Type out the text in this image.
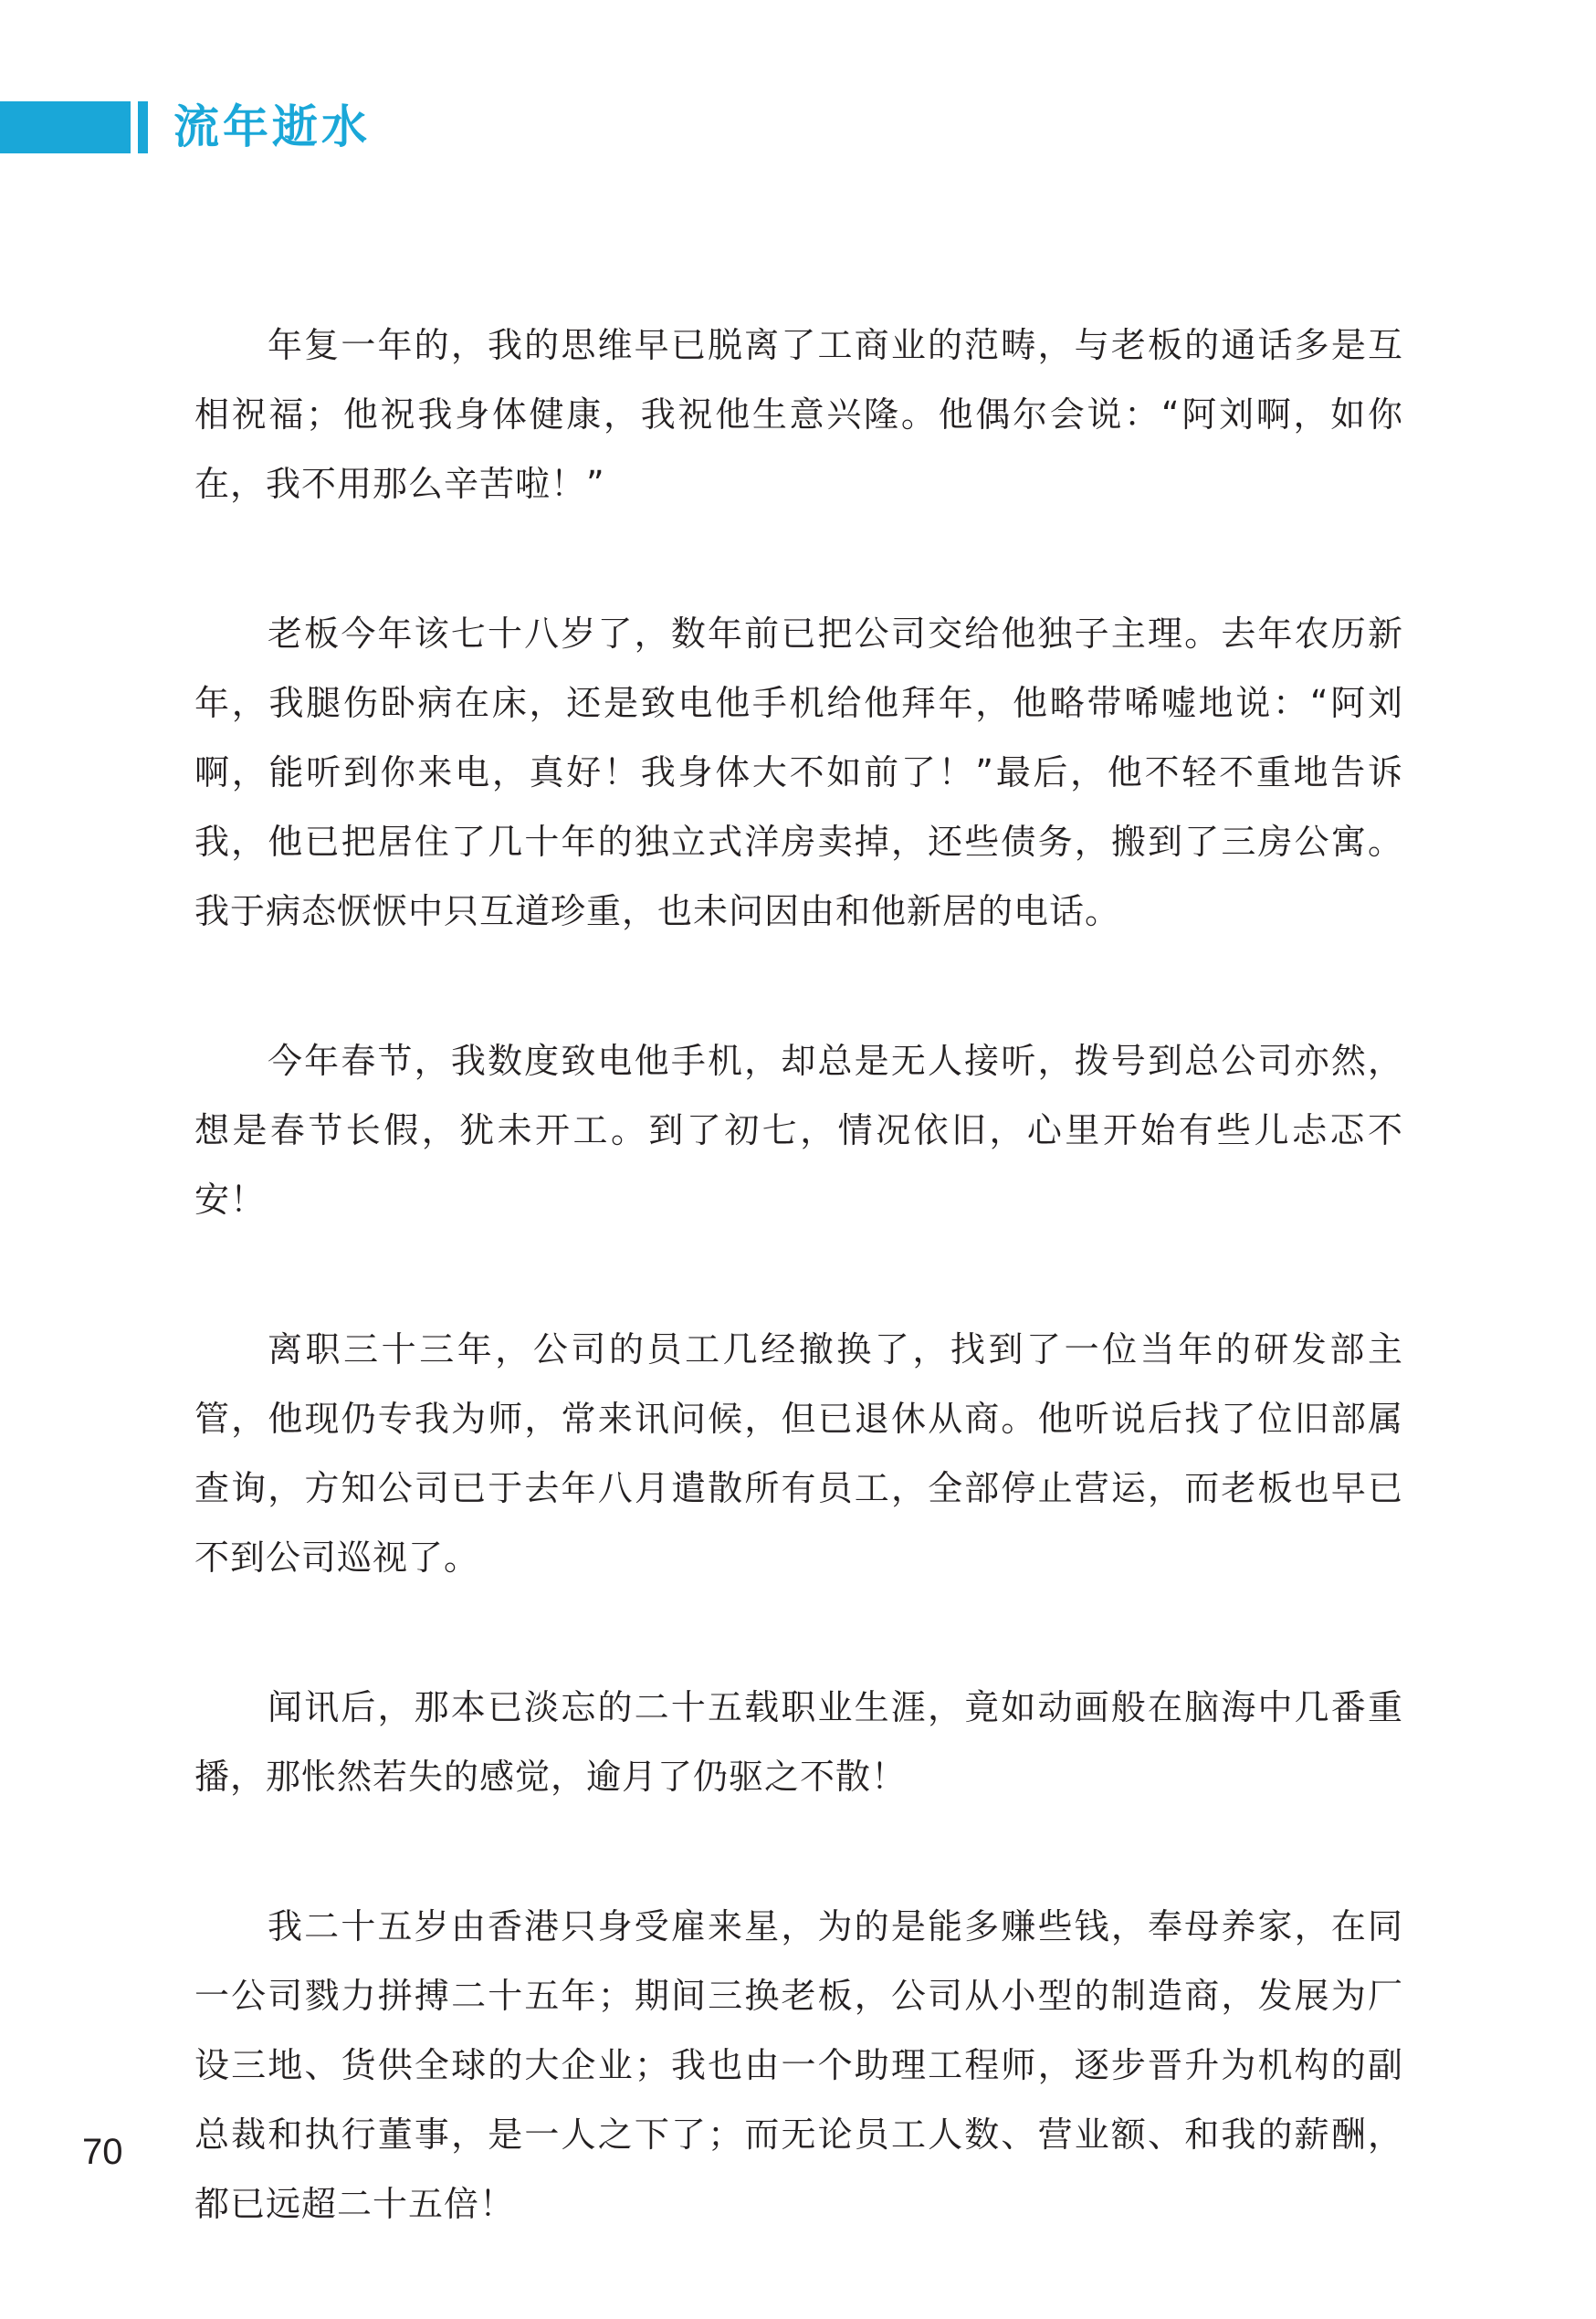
流年逝水

年复一年的，我的思维早已脱离了工商业的范畴，与老板的通话多是互相祝福；他祝我身体健康，我祝他生意兴隆。他偶尔会说：“阿刘啊，如你在，我不用那么辛苦啦！”

老板今年该七十八岁了，数年前已把公司交给他独子主理。去年农历新年，我腿伤卧病在床，还是致电他手机给他拜年，他略带唏嘘地说：“阿刘啊，能听到你来电，真好！我身体大不如前了！”最后，他不轻不重地告诉我，他已把居住了几十年的独立式洋房卖掉，还些债务，搬到了三房公寓。我于病态恹恹中只互道珍重，也未问因由和他新居的电话。

今年春节，我数度致电他手机，却总是无人接听，拨号到总公司亦然，想是春节长假，犹未开工。到了初七，情况依旧，心里开始有些儿忐忑不安！

离职三十三年，公司的员工几经撤换了，找到了一位当年的研发部主管，他现仍专我为师，常来讯问候，但已退休从商。他听说后找了位旧部属查询，方知公司已于去年八月遣散所有员工，全部停止营运，而老板也早已不到公司巡视了。

闻讯后，那本已淡忘的二十五载职业生涯，竟如动画般在脑海中几番重播，那怅然若失的感觉，逾月了仍驱之不散！

我二十五岁由香港只身受雇来星，为的是能多赚些钱，奉母养家，在同一公司戮力拼搏二十五年；期间三换老板，公司从小型的制造商，发展为厂设三地、货供全球的大企业；我也由一个助理工程师，逐步晋升为机构的副总裁和执行董事，是一人之下了；而无论员工人数、营业额、和我的薪酬，都已远超二十五倍！

70
